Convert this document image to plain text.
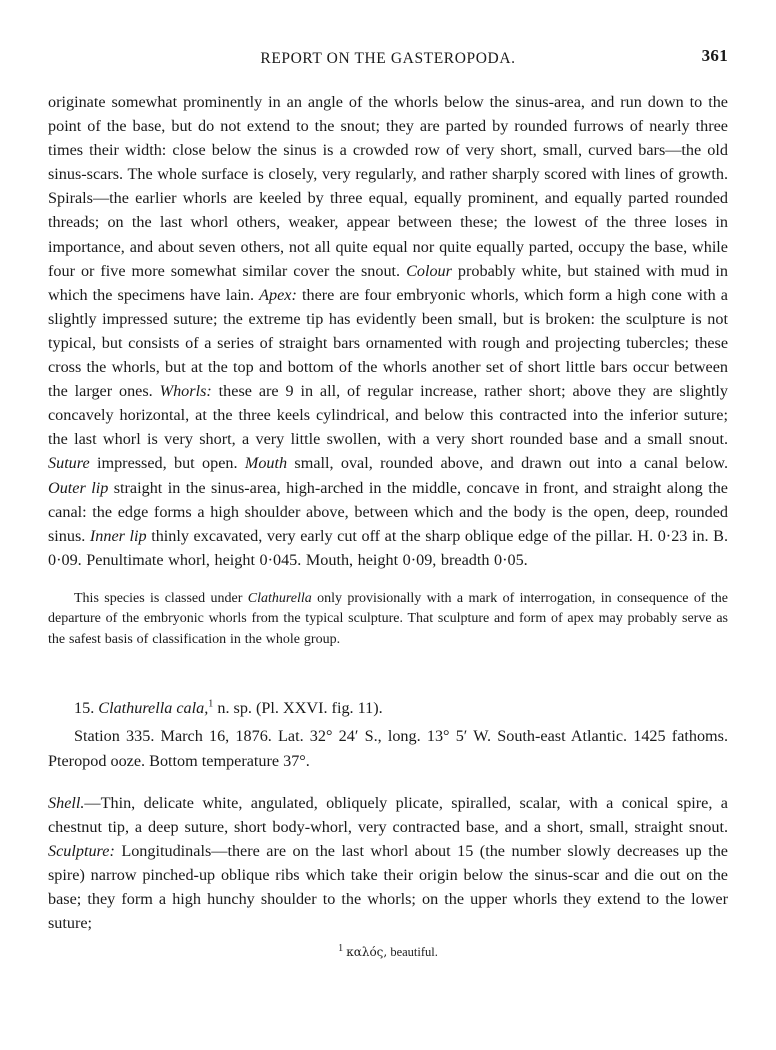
REPORT ON THE GASTEROPODA.	361

originate somewhat prominently in an angle of the whorls below the sinus-area, and run down to the point of the base, but do not extend to the snout; they are parted by rounded furrows of nearly three times their width: close below the sinus is a crowded row of very short, small, curved bars—the old sinus-scars. The whole surface is closely, very regularly, and rather sharply scored with lines of growth. Spirals—the earlier whorls are keeled by three equal, equally prominent, and equally parted rounded threads; on the last whorl others, weaker, appear between these; the lowest of the three loses in importance, and about seven others, not all quite equal nor quite equally parted, occupy the base, while four or five more somewhat similar cover the snout. Colour probably white, but stained with mud in which the specimens have lain. Apex: there are four embryonic whorls, which form a high cone with a slightly impressed suture; the extreme tip has evidently been small, but is broken: the sculpture is not typical, but consists of a series of straight bars ornamented with rough and projecting tubercles; these cross the whorls, but at the top and bottom of the whorls another set of short little bars occur between the larger ones. Whorls: these are 9 in all, of regular increase, rather short; above they are slightly concavely horizontal, at the three keels cylindrical, and below this contracted into the inferior suture; the last whorl is very short, a very little swollen, with a very short rounded base and a small snout. Suture impressed, but open. Mouth small, oval, rounded above, and drawn out into a canal below. Outer lip straight in the sinus-area, high-arched in the middle, concave in front, and straight along the canal: the edge forms a high shoulder above, between which and the body is the open, deep, rounded sinus. Inner lip thinly excavated, very early cut off at the sharp oblique edge of the pillar. H. 0·23 in. B. 0·09. Penultimate whorl, height 0·045. Mouth, height 0·09, breadth 0·05.

This species is classed under Clathurella only provisionally with a mark of interrogation, in consequence of the departure of the embryonic whorls from the typical sculpture. That sculpture and form of apex may probably serve as the safest basis of classification in the whole group.

15. Clathurella cala,$^1$ n. sp. (Pl. XXVI. fig. 11).

Station 335. March 16, 1876. Lat. 32° 24′ S., long. 13° 5′ W. South-east Atlantic. 1425 fathoms. Pteropod ooze. Bottom temperature 37°.

Shell.—Thin, delicate white, angulated, obliquely plicate, spiralled, scalar, with a conical spire, a chestnut tip, a deep suture, short body-whorl, very contracted base, and a short, small, straight snout. Sculpture: Longitudinals—there are on the last whorl about 15 (the number slowly decreases up the spire) narrow pinched-up oblique ribs which take their origin below the sinus-scar and die out on the base; they form a high hunchy shoulder to the whorls; on the upper whorls they extend to the lower suture;

$^1$ καλός, beautiful.
